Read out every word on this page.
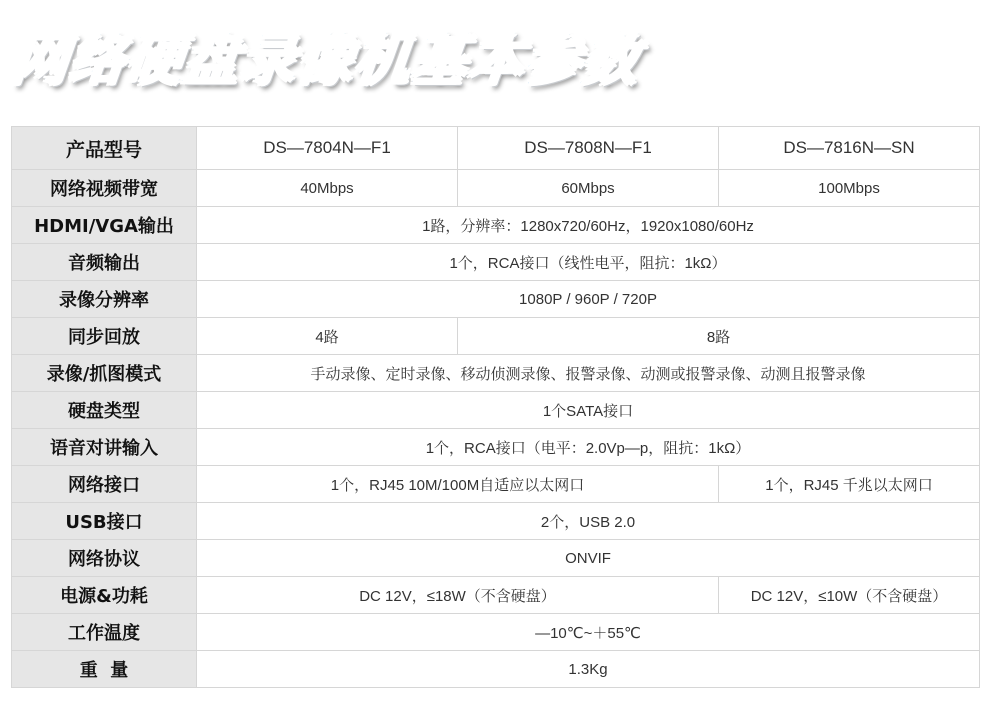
网络硬盘录像机基本参数
产品型号	DS—7804N—F1	DS—7808N—F1	DS—7816N—SN
网络视频带宽	40Mbps	60Mbps	100Mbps
HDMI/VGA输出	1路，分辨率：1280x720/60Hz，1920x1080/60Hz		
音频输出	1个，RCA接口（线性电平，阻抗：1kΩ）		
录像分辨率	1080P / 960P / 720P		
同步回放	4路	8路	
录像/抓图模式	手动录像、定时录像、移动侦测录像、报警录像、动测或报警录像、动测且报警录像		
硬盘类型	1个SATA接口		
语音对讲输入	1个，RCA接口（电平：2.0Vp—p，阻抗：1kΩ）		
网络接口	1个，RJ45 10M/100M自适应以太网口		1个，RJ45 千兆以太网口
USB接口	2个，USB 2.0		
网络协议	ONVIF		
电源&功耗	DC 12V，≤18W（不含硬盘）		DC 12V，≤10W（不含硬盘）
工作温度	—10℃~＋55℃		
重  量	1.3Kg		
